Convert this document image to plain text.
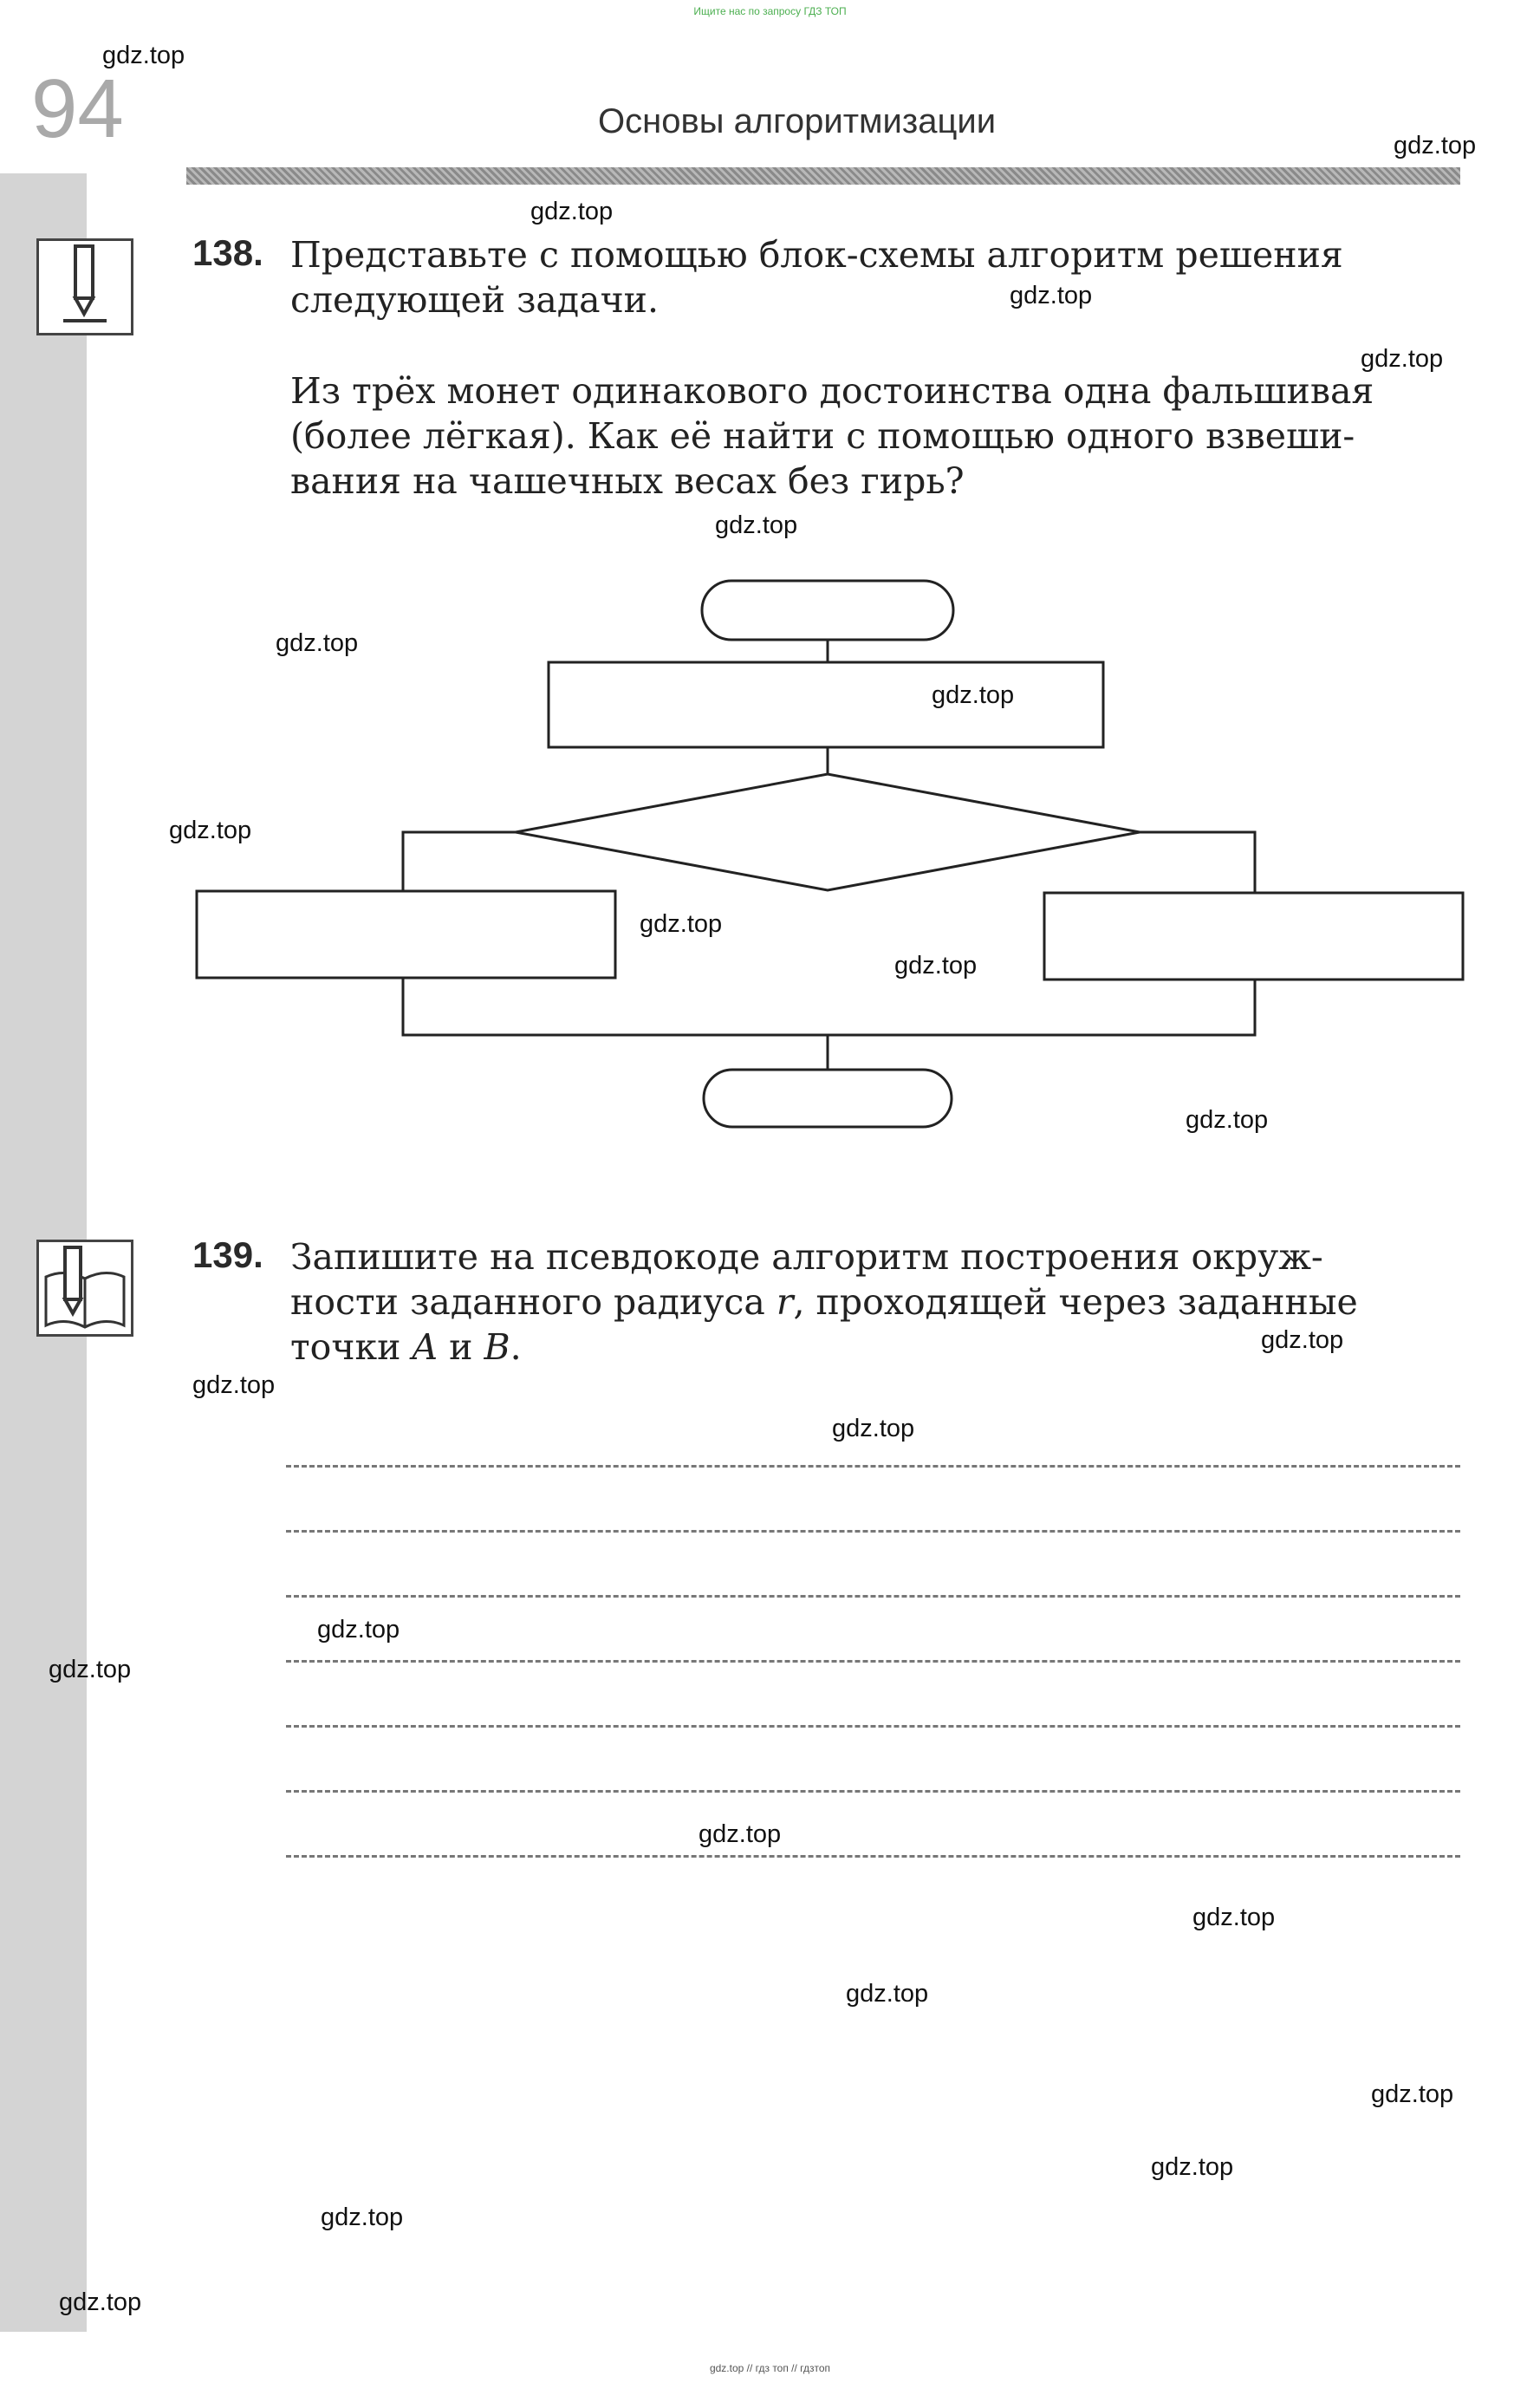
Ищите нас по запросу ГДЗ ТОП
94	Основы алгоритмизации
138. Представьте с помощью блок-схемы алгоритм решения
следующей задачи.
Из трёх монет одинакового достоинства одна фальшивая
(более лёгкая). Как её найти с помощью одного взвеши-
вания на чашечных весах без гирь?
139. Запишите на псевдокоде алгоритм построения окруж-
ности заданного радиуса r, проходящей через заданные
точки A и B.
gdz.top
gdz.top
gdz.top
gdz.top
gdz.top
gdz.top
gdz.top
gdz.top
gdz.top
gdz.top
gdz.top
gdz.top
gdz.top
gdz.top
gdz.top
gdz.top
gdz.top
gdz.top
gdz.top
gdz.top
gdz.top
gdz.top
gdz.top
gdz.top
gdz.top // гдз топ // гдзтоп
